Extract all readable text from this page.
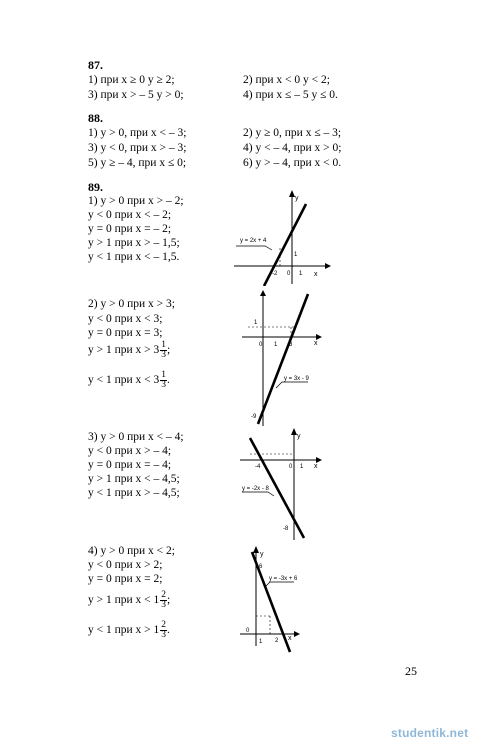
87.
1) при x ≥ 0 y ≥ 2;	2) при x < 0 y < 2;
3) при x > – 5 y > 0;	4) при x ≤ – 5 y ≤ 0.
88.
1) y > 0, при x < – 3;	2) y ≥ 0, при x ≤ – 3;
3) y < 0, при x > – 3;	4) y < – 4, при x > 0;
5) y ≥ – 4, при x ≤ 0;	6) y > – 4, при x < 0.
89.
1) y > 0 при x > – 2;
y < 0 при x < – 2;
y = 0 при x = – 2;
y > 1 при x > – 1,5;
y < 1 при x < – 1,5.
y = 2x + 4
y
x
1
-2 0 1
2) y > 0 при x > 3;
y < 0 при x < 3;
y = 0 при x = 3;
y > 1 при $x > 3 \frac{1}{3}$ ;
y < 1 при $x < 3 \frac{1}{3}$ .	y = 3x - 9
1
0 1 3	x
-9
3) y > 0 при x < – 4;
y < 0 при x > – 4;
y = 0 при x = – 4;
y > 1 при x < – 4,5;
y < 1 при x > – 4,5;	y = -2x - 8
y
-4	0 1 x
-8
4) y > 0 при x < 2;
y < 0 при x > 2;
y = 0 при x = 2;
y > 1 при $x < 1 \frac{2}{3}$ ;
y < 1 при $x > 1 \frac{2}{3}$ .
y = -3x + 6
y
6
0
1 2 x
25
studentik.net
